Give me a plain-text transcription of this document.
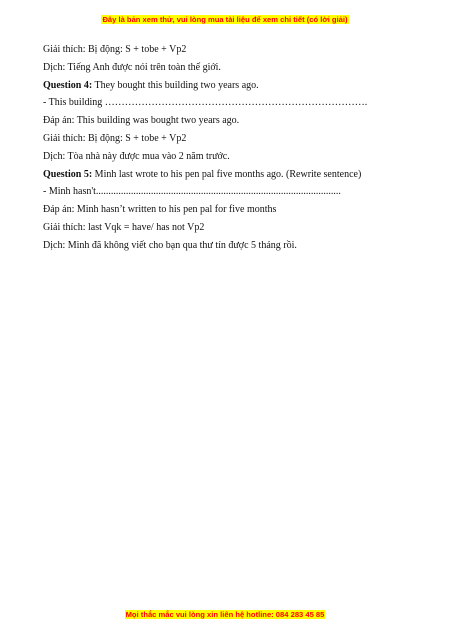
Đây là bản xem thử, vui lòng mua tài liệu để xem chi tiết (có lời giải)
Giải thích: Bị động: S + tobe + Vp2
Dịch: Tiếng Anh được nói trên toàn thế giới.
Question 4: They bought this building two years ago.
- This building …………………………………………………………………….
Đáp án: This building was bought two years ago.
Giải thích: Bị động: S + tobe + Vp2
Dịch: Tòa nhà này được mua vào 2 năm trước.
Question 5: Minh last wrote to his pen pal five months ago. (Rewrite sentence)
- Minh hasn't..................................................................................................
Đáp án: Minh hasn’t written to his pen pal for five months
Giải thích: last Vqk = have/ has not Vp2
Dịch: Minh đã không viết cho bạn qua thư tín được 5 tháng rồi.
Mọi thắc mắc vui lòng xin liên hệ hotline: 084 283 45 85
